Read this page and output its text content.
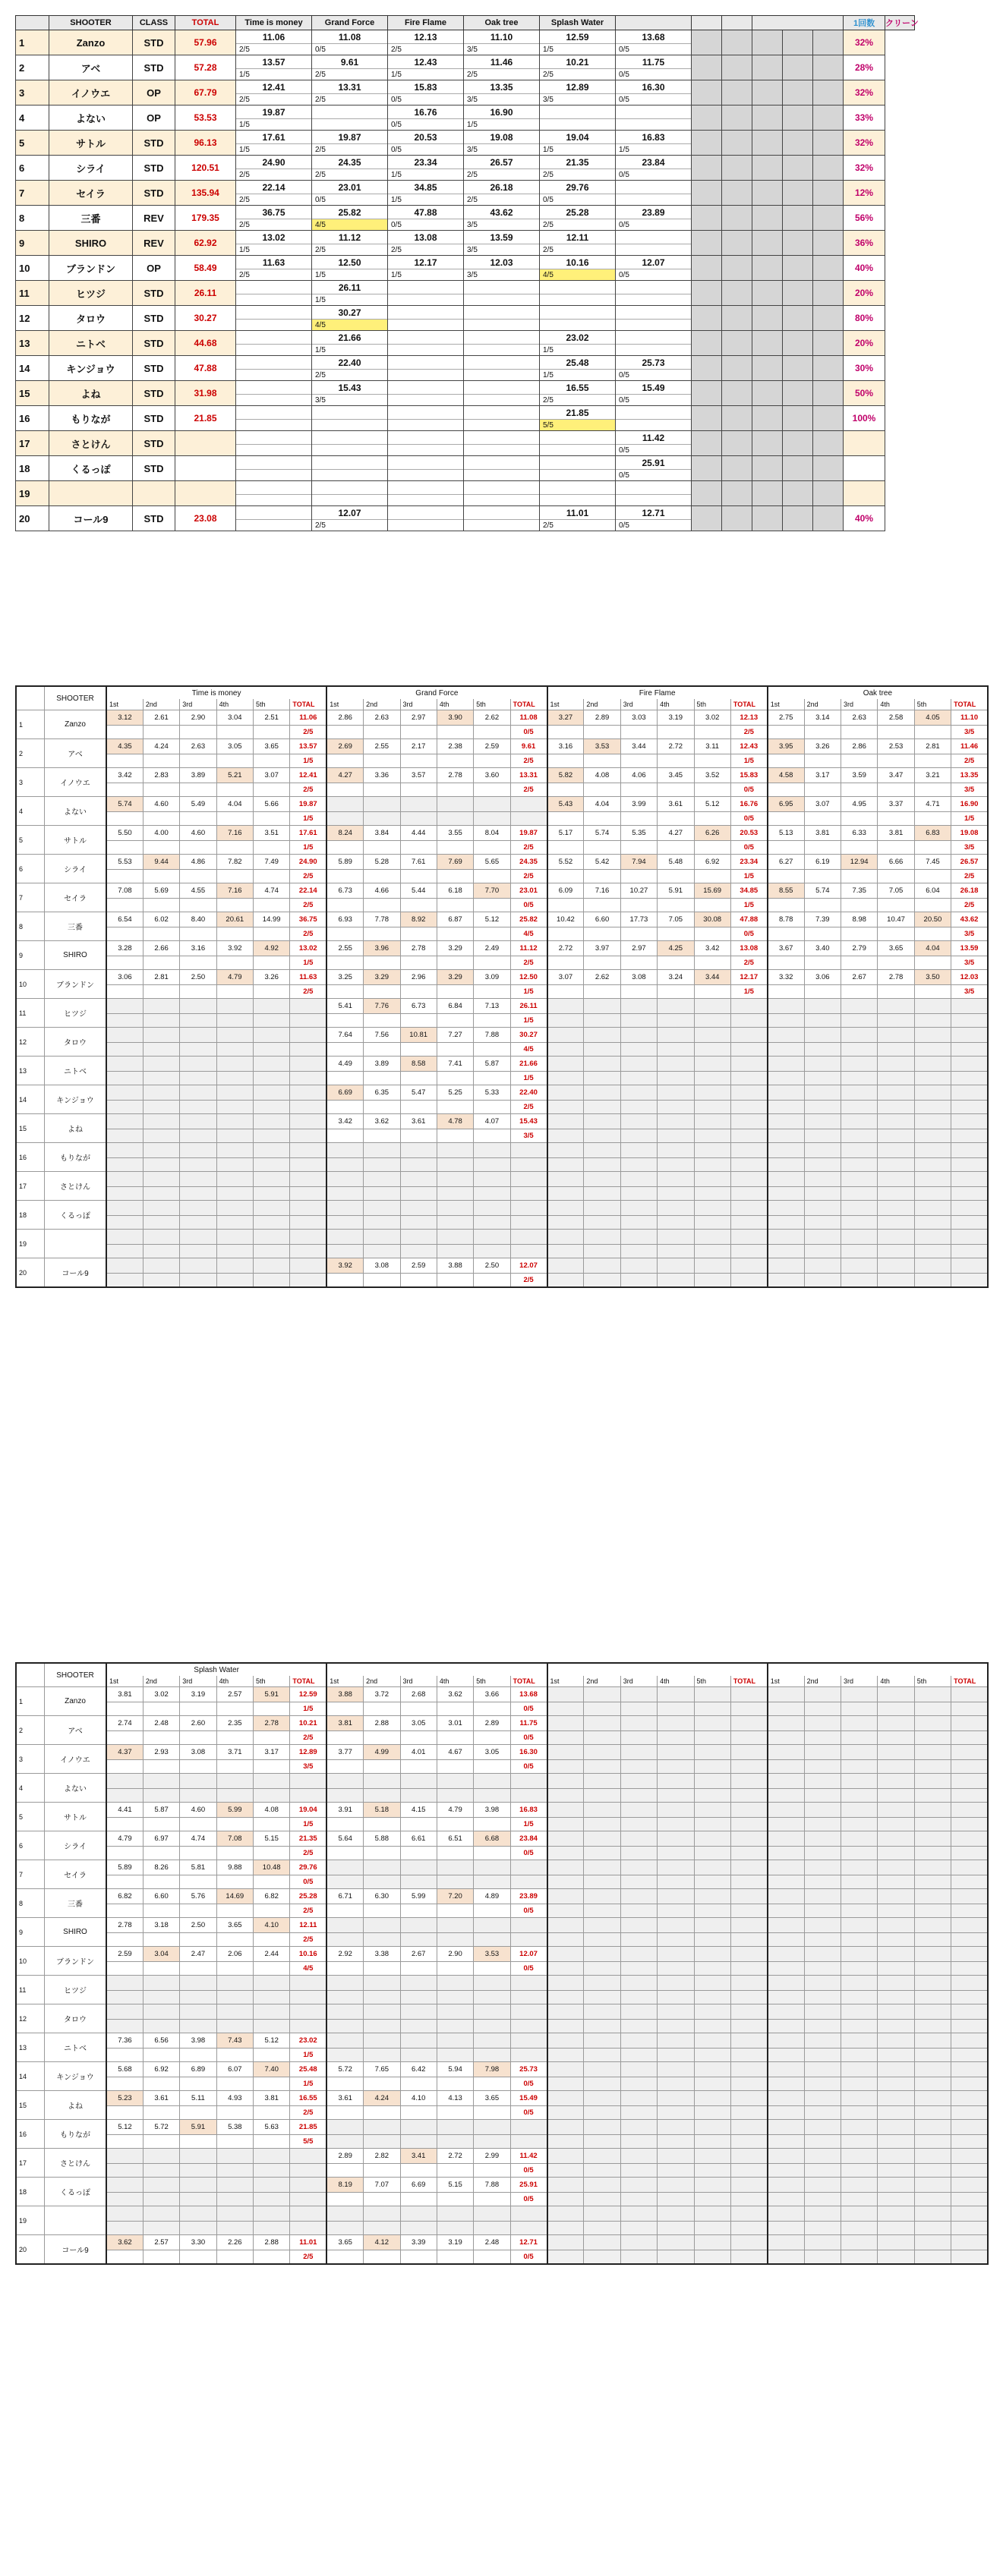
	SHOOTER	CLASS	TOTAL	Time is money	Grand Force	Fire Flame	Oak tree	Splash Water							1回数	クリーン
1	Zanzo	STD	57.96	11.06	11.08	12.13	11.10	12.59	13.68						32%	
				2/5	0/5	2/5	3/5	1/5	0/5							
2	アベ	STD	57.28	13.57	9.61	12.43	11.46	10.21	11.75						28%	
				1/5	2/5	1/5	2/5	2/5	0/5							
3	イノウエ	OP	67.79	12.41	13.31	15.83	13.35	12.89	16.30						32%	
				2/5	2/5	0/5	3/5	3/5	0/5							
4	よない	OP	53.53	19.87		16.76	16.90								33%	
				1/5		0/5	1/5									
5	サトル	STD	96.13	17.61	19.87	20.53	19.08	19.04	16.83						32%	
				1/5	2/5	0/5	3/5	1/5	1/5							
6	シライ	STD	120.51	24.90	24.35	23.34	26.57	21.35	23.84						32%	
				2/5	2/5	1/5	2/5	2/5	0/5							
7	セイラ	STD	135.94	22.14	23.01	34.85	26.18	29.76							12%	
				2/5	0/5	1/5	2/5	0/5								
8	三番	REV	179.35	36.75	25.82	47.88	43.62	25.28	23.89						56%	
				2/5	4/5	0/5	3/5	2/5	0/5							
9	SHIRO	REV	62.92	13.02	11.12	13.08	13.59	12.11							36%	
				1/5	2/5	2/5	3/5	2/5								
10	ブランドン	OP	58.49	11.63	12.50	12.17	12.03	10.16	12.07						40%	
				2/5	1/5	1/5	3/5	4/5	0/5							
11	ヒツジ	STD	26.11		26.11										20%	
					1/5											
12	タロウ	STD	30.27		30.27										80%	
					4/5											
13	ニトベ	STD	44.68		21.66			23.02							20%	
					1/5			1/5								
14	キンジョウ	STD	47.88		22.40			25.48	25.73						30%	
					2/5			1/5	0/5							
15	よね	STD	31.98		15.43			16.55	15.49						50%	
					3/5			2/5	0/5							
16	もりなが	STD	21.85					21.85							100%	
								5/5								
17	さとけん	STD							11.42							
									0/5							
18	くるっぽ	STD							25.91							
									0/5							
19																

20	コール9	STD	23.08		12.07			11.01	12.71						40%	
					2/5			2/5	0/5							
	SHOOTER	Time is money						Grand Force						Fire Flame						Oak tree					
		1st	2nd	3rd	4th	5th	TOTAL	1st	2nd	3rd	4th	5th	TOTAL	1st	2nd	3rd	4th	5th	TOTAL	1st	2nd	3rd	4th	5th	TOTAL
1	Zanzo	3.12	2.61	2.90	3.04	2.51	11.06	2.86	2.63	2.97	3.90	2.62	11.08	3.27	2.89	3.03	3.19	3.02	12.13	2.75	3.14	2.63	2.58	4.05	11.10
							2/5						0/5						2/5						3/5
2	アベ	4.35	4.24	2.63	3.05	3.65	13.57	2.69	2.55	2.17	2.38	2.59	9.61	3.16	3.53	3.44	2.72	3.11	12.43	3.95	3.26	2.86	2.53	2.81	11.46
							1/5						2/5						1/5						2/5
3	イノウエ	3.42	2.83	3.89	5.21	3.07	12.41	4.27	3.36	3.57	2.78	3.60	13.31	5.82	4.08	4.06	3.45	3.52	15.83	4.58	3.17	3.59	3.47	3.21	13.35
							2/5						2/5						0/5						3/5
4	よない	5.74	4.60	5.49	4.04	5.66	19.87							5.43	4.04	3.99	3.61	5.12	16.76	6.95	3.07	4.95	3.37	4.71	16.90
							1/5												0/5						1/5
5	サトル	5.50	4.00	4.60	7.16	3.51	17.61	8.24	3.84	4.44	3.55	8.04	19.87	5.17	5.74	5.35	4.27	6.26	20.53	5.13	3.81	6.33	3.81	6.83	19.08
							1/5						2/5						0/5						3/5
6	シライ	5.53	9.44	4.86	7.82	7.49	24.90	5.89	5.28	7.61	7.69	5.65	24.35	5.52	5.42	7.94	5.48	6.92	23.34	6.27	6.19	12.94	6.66	7.45	26.57
							2/5						2/5						1/5						2/5
7	セイラ	7.08	5.69	4.55	7.16	4.74	22.14	6.73	4.66	5.44	6.18	7.70	23.01	6.09	7.16	10.27	5.91	15.69	34.85	8.55	5.74	7.35	7.05	6.04	26.18
							2/5						0/5						1/5						2/5
8	三番	6.54	6.02	8.40	20.61	14.99	36.75	6.93	7.78	8.92	6.87	5.12	25.82	10.42	6.60	17.73	7.05	30.08	47.88	8.78	7.39	8.98	10.47	20.50	43.62
							2/5						4/5						0/5						3/5
9	SHIRO	3.28	2.66	3.16	3.92	4.92	13.02	2.55	3.96	2.78	3.29	2.49	11.12	2.72	3.97	2.97	4.25	3.42	13.08	3.67	3.40	2.79	3.65	4.04	13.59
							1/5						2/5						2/5						3/5
10	ブランドン	3.06	2.81	2.50	4.79	3.26	11.63	3.25	3.29	2.96	3.29	3.09	12.50	3.07	2.62	3.08	3.24	3.44	12.17	3.32	3.06	2.67	2.78	3.50	12.03
							2/5						1/5						1/5						3/5
11	ヒツジ							5.41	7.76	6.73	6.84	7.13	26.11												
													1/5												
12	タロウ							7.64	7.56	10.81	7.27	7.88	30.27												
													4/5												
13	ニトベ							4.49	3.89	8.58	7.41	5.87	21.66												
													1/5												
14	キンジョウ							6.69	6.35	5.47	5.25	5.33	22.40												
													2/5												
15	よね							3.42	3.62	3.61	4.78	4.07	15.43												
													3/5												
16	もりなが																								

17	さとけん																								

18	くるっぽ																								

19																									

20	コール9							3.92	3.08	2.59	3.88	2.50	12.07												
													2/5												
	SHOOTER	Splash Water																							
		1st	2nd	3rd	4th	5th	TOTAL	1st	2nd	3rd	4th	5th	TOTAL	1st	2nd	3rd	4th	5th	TOTAL	1st	2nd	3rd	4th	5th	TOTAL
1	Zanzo	3.81	3.02	3.19	2.57	5.91	12.59	3.88	3.72	2.68	3.62	3.66	13.68												
							1/5						0/5												
2	アベ	2.74	2.48	2.60	2.35	2.78	10.21	3.81	2.88	3.05	3.01	2.89	11.75												
							2/5						0/5												
3	イノウエ	4.37	2.93	3.08	3.71	3.17	12.89	3.77	4.99	4.01	4.67	3.05	16.30												
							3/5						0/5												
4	よない																								

5	サトル	4.41	5.87	4.60	5.99	4.08	19.04	3.91	5.18	4.15	4.79	3.98	16.83												
							1/5						1/5												
6	シライ	4.79	6.97	4.74	7.08	5.15	21.35	5.64	5.88	6.61	6.51	6.68	23.84												
							2/5						0/5												
7	セイラ	5.89	8.26	5.81	9.88	10.48	29.76																		
							0/5																		
8	三番	6.82	6.60	5.76	14.69	6.82	25.28	6.71	6.30	5.99	7.20	4.89	23.89												
							2/5						0/5												
9	SHIRO	2.78	3.18	2.50	3.65	4.10	12.11																		
							2/5																		
10	ブランドン	2.59	3.04	2.47	2.06	2.44	10.16	2.92	3.38	2.67	2.90	3.53	12.07												
							4/5						0/5												
11	ヒツジ																								

12	タロウ																								

13	ニトベ	7.36	6.56	3.98	7.43	5.12	23.02																		
							1/5																		
14	キンジョウ	5.68	6.92	6.89	6.07	7.40	25.48	5.72	7.65	6.42	5.94	7.98	25.73												
							1/5						0/5												
15	よね	5.23	3.61	5.11	4.93	3.81	16.55	3.61	4.24	4.10	4.13	3.65	15.49												
							2/5						0/5												
16	もりなが	5.12	5.72	5.91	5.38	5.63	21.85																		
							5/5																		
17	さとけん							2.89	2.82	3.41	2.72	2.99	11.42												
													0/5												
18	くるっぽ							8.19	7.07	6.69	5.15	7.88	25.91												
													0/5												
19																									

20	コール9	3.62	2.57	3.30	2.26	2.88	11.01	3.65	4.12	3.39	3.19	2.48	12.71												
							2/5						0/5												
